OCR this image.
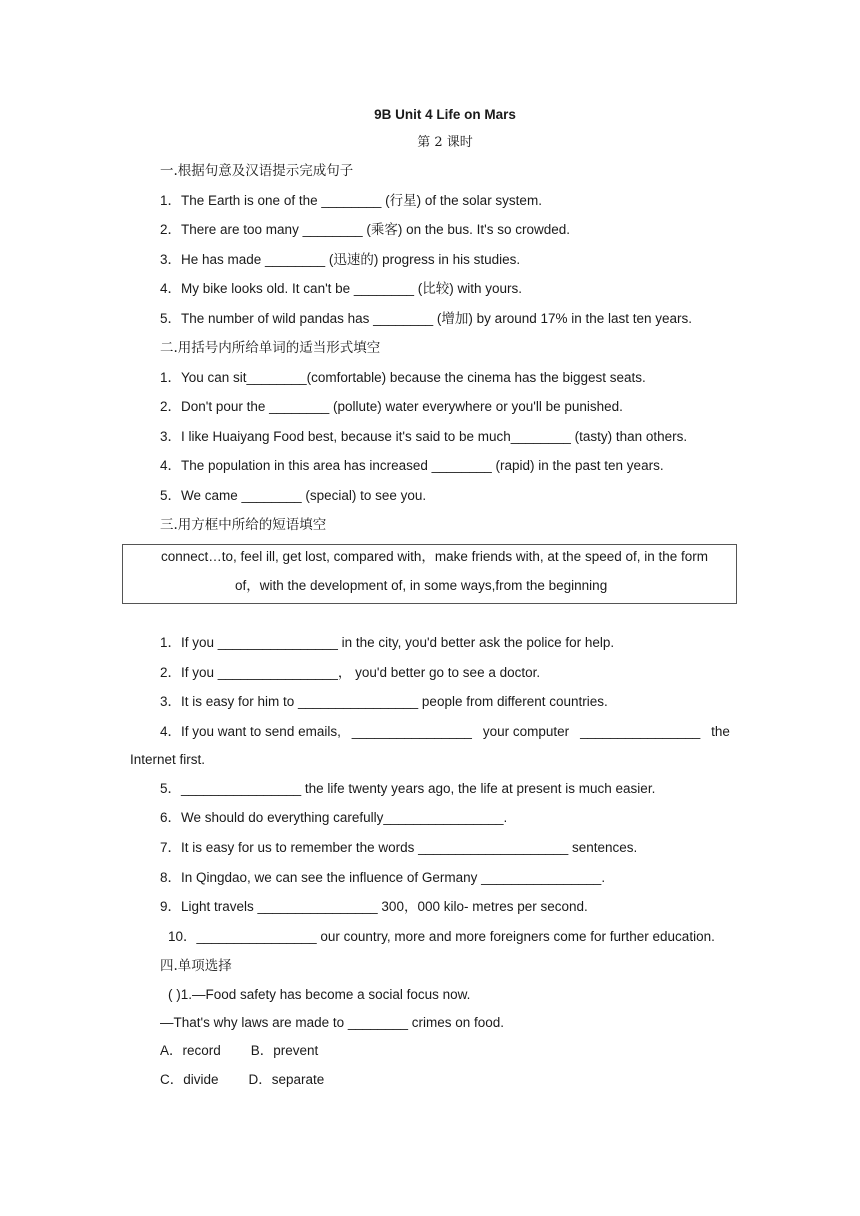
9B Unit 4 Life on Mars
第 2 课时
一.根据句意及汉语提示完成句子
1．The Earth is one of the ________ (行星) of the solar system.
2．There are too many ________ (乘客) on the bus. It's so crowded.
3．He has made ________ (迅速的) progress in his studies.
4．My bike looks old. It can't be ________ (比较) with yours.
5．The number of wild pandas has ________ (增加) by around 17% in the last ten years.
二.用括号内所给单词的适当形式填空
1．You can sit________(comfortable) because the cinema has the biggest seats.
2．Don't pour the ________ (pollute) water everywhere or you'll be punished.
3．I like Huaiyang Food best, because it's said to be much________ (tasty) than others.
4．The population in this area has increased ________ (rapid) in the past ten years.
5．We came ________ (special) to see you.
三.用方框中所给的短语填空
connect…to, feel ill, get lost, compared with，make friends with, at the speed of, in the form
of，with the development of, in some ways,from the beginning
1．If you ________________ in the city, you'd better ask the police for help.
2．If you ________________， you'd better go to see a doctor.
3．It is easy for him to ________________ people from different countries.
4．If you want to send emails, ________________ your computer ________________ the
Internet first.
5．________________ the life twenty years ago, the life at present is much easier.
6．We should do everything carefully________________.
7．It is easy for us to remember the words ____________________ sentences.
8．In Qingdao, we can see the influence of Germany ________________.
9．Light travels ________________ 300，000 kilo- metres per second.
10．________________ our country, more and more foreigners come for further education.
四.单项选择
( )1.—Food safety has become a social focus now.
—That's why laws are made to ________ crimes on food.
A．record        B．prevent
C．divide        D．separate
